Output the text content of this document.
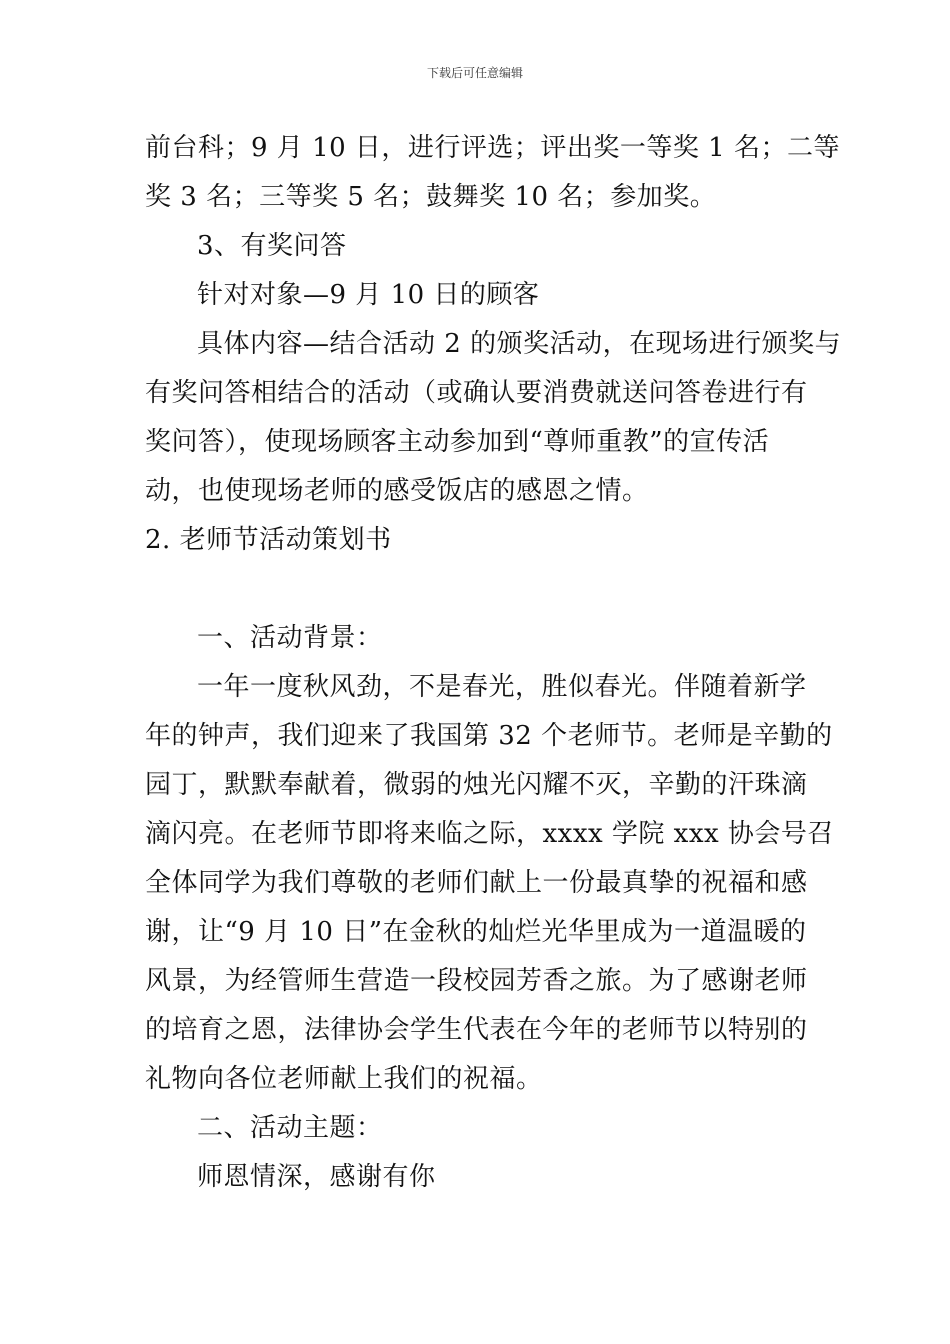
下载后可任意编辑

前台科；9 月 10 日，进行评选；评出奖一等奖 1 名；二等

奖 3 名；三等奖 5 名；鼓舞奖 10 名；参加奖。

3、有奖问答

针对对象—9 月 10 日的顾客

具体内容—结合活动 2 的颁奖活动，在现场进行颁奖与

有奖问答相结合的活动（或确认要消费就送问答卷进行有

奖问答），使现场顾客主动参加到“尊师重教”的宣传活

动，也使现场老师的感受饭店的感恩之情。

2. 老师节活动策划书

一、活动背景：

一年一度秋风劲，不是春光，胜似春光。伴随着新学

年的钟声，我们迎来了我国第 32 个老师节。老师是辛勤的

园丁，默默奉献着，微弱的烛光闪耀不灭，辛勤的汗珠滴

滴闪亮。在老师节即将来临之际，xxxx 学院 xxx 协会号召

全体同学为我们尊敬的老师们献上一份最真挚的祝福和感

谢，让“9 月 10 日”在金秋的灿烂光华里成为一道温暖的

风景，为经管师生营造一段校园芳香之旅。为了感谢老师

的培育之恩，法律协会学生代表在今年的老师节以特别的

礼物向各位老师献上我们的祝福。

二、活动主题：

师恩情深，感谢有你
